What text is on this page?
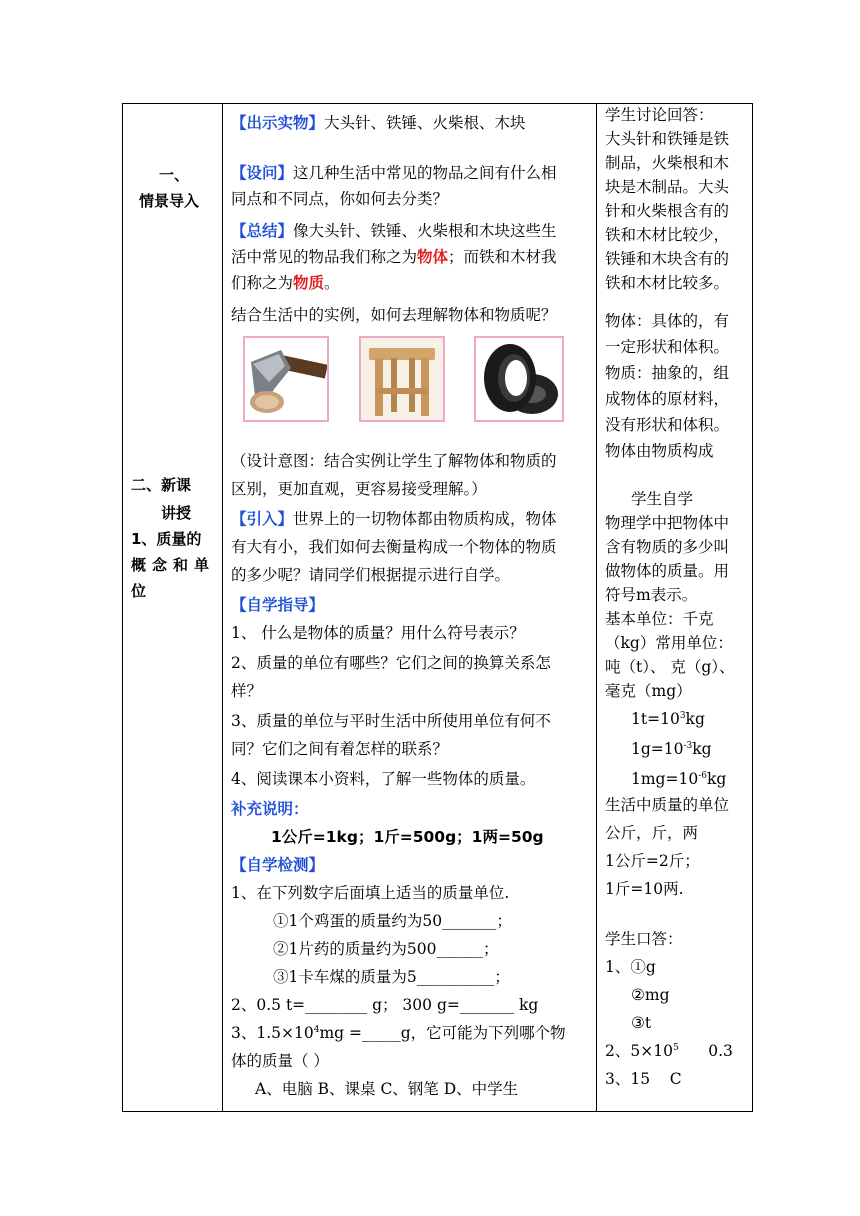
一、
情景导入
二、新课
讲授
1、质量的
概念和单
位
【出示实物】大头针、铁锤、火柴根、木块
【设问】这几种生活中常见的物品之间有什么相
同点和不同点，你如何去分类？
【总结】像大头针、铁锤、火柴根和木块这些生
活中常见的物品我们称之为物体；而铁和木材我
们称之为物质。
结合生活中的实例，如何去理解物体和物质呢？
（设计意图：结合实例让学生了解物体和物质的
区别，更加直观，更容易接受理解。）
【引入】世界上的一切物体都由物质构成，物体
有大有小，我们如何去衡量构成一个物体的物质
的多少呢？请同学们根据提示进行自学。
【自学指导】
1、 什么是物体的质量？用什么符号表示？
2、质量的单位有哪些？它们之间的换算关系怎
样？
3、质量的单位与平时生活中所使用单位有何不
同？它们之间有着怎样的联系？
4、阅读课本小资料，了解一些物体的质量。
补充说明：
1公斤=1kg；1斤=500g；1两=50g
【自学检测】
1、在下列数字后面填上适当的质量单位.
①1个鸡蛋的质量约为50_______；
②1片药的质量约为500______；
③1卡车煤的质量为5__________；
2、0.5 t=________ g； 300 g=_______ kg
3、$1.5\times 10^4mg$ =_____g，它可能为下列哪个物
体的质量（ ）
A、电脑 B、课桌 C、钢笔 D、中学生
学生讨论回答：
大头针和铁锤是铁
制品，火柴根和木
块是木制品。大头
针和火柴根含有的
铁和木材比较少，
铁锤和木块含有的
铁和木材比较多。
物体：具体的，有
一定形状和体积。
物质：抽象的，组
成物体的原材料，
没有形状和体积。
物体由物质构成
学生自学
物理学中把物体中
含有物质的多少叫
做物体的质量。用
符号m表示。
基本单位：千克
（kg）常用单位：
吨（t）、 克（g）、
毫克（mg）
$1t=10^3kg$
$1g=10^{-3}kg$
$1mg=10^{-6}kg$
生活中质量的单位
公斤，斤，两
1公斤=2斤；
1斤=10两.
学生口答：
1、①g
②mg
③t
2、$5\times 10^5$      0.3
3、15    C
